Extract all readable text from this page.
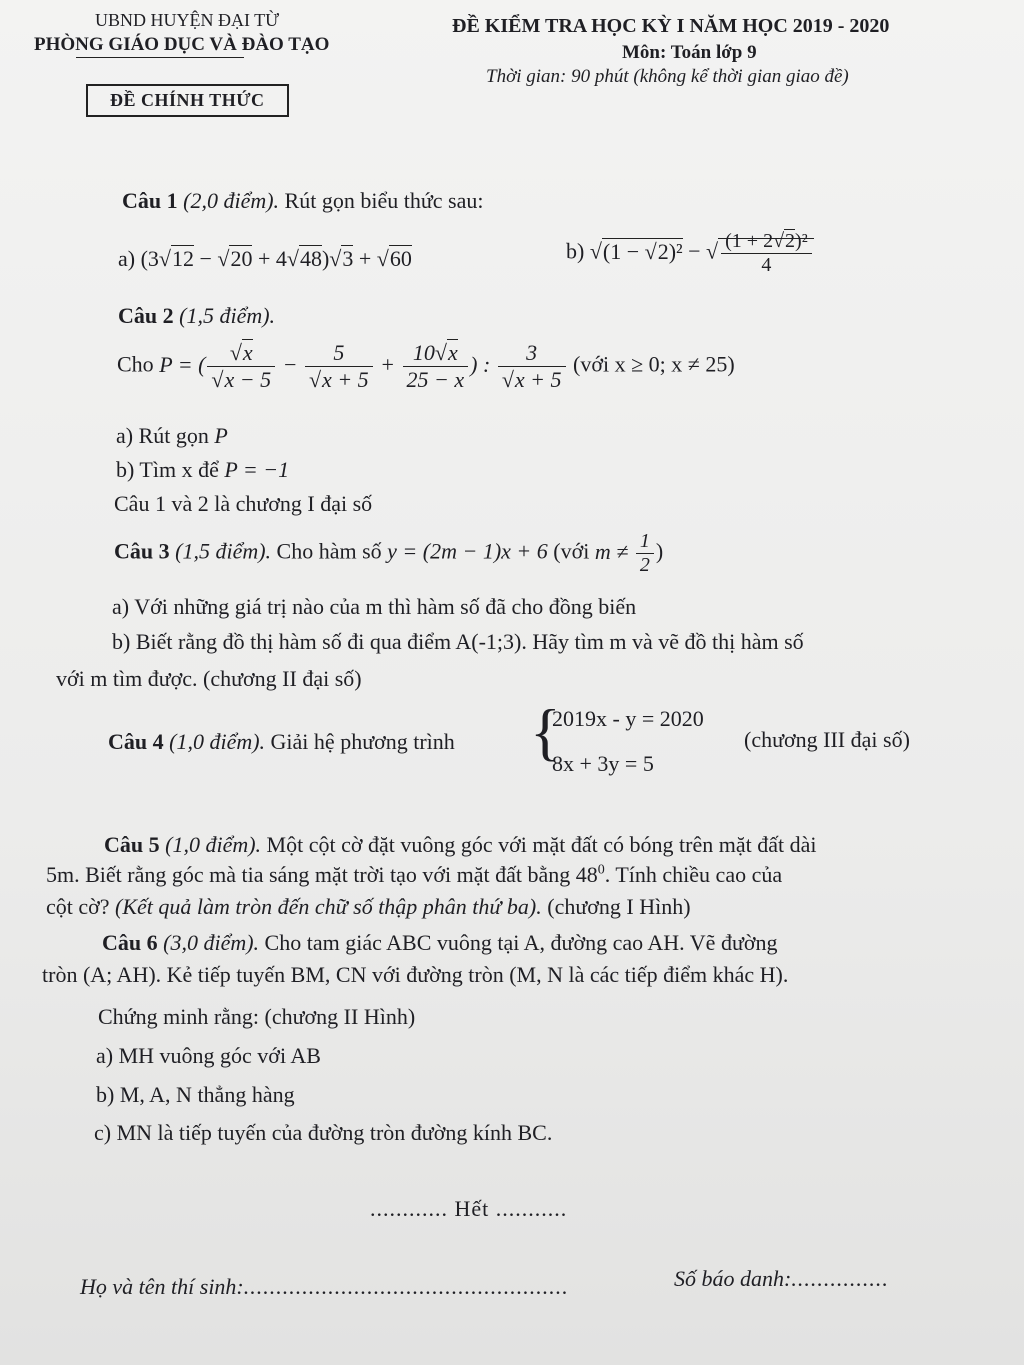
UBND HUYỆN ĐẠI TỪ
PHÒNG GIÁO DỤC VÀ ĐÀO TẠO
ĐỀ CHÍNH THỨC
ĐỀ KIỂM TRA HỌC KỲ I NĂM HỌC 2019 - 2020
Môn: Toán lớp 9
Thời gian: 90 phút (không kể thời gian giao đề)
Câu 1 (2,0 điểm). Rút gọn biểu thức sau:
a) (3√12 − √20 + 4√48)√3 + √60	b) √(1 − √2)² − √ $\frac{\text{(1 + 2√2)²}}{4}$
Câu 2 (1,5 điểm).
Cho P = ( $\frac{√x}{√x - 5} - \frac{5}{√x + 5} + \frac{10√x}{25 - x}$ ) : $\frac{3}{√x + 5}$ (với x ≥ 0; x ≠ 25)
a) Rút gọn P
b) Tìm x để P = −1
Câu 1 và 2 là chương I đại số
Câu 3 (1,5 điểm). Cho hàm số y = (2m − 1)x + 6 (với $m \ne \frac{1}{2}$ )
a) Với những giá trị nào của m thì hàm số đã cho đồng biến
b) Biết rằng đồ thị hàm số đi qua điểm A(-1;3). Hãy tìm m và vẽ đồ thị hàm số
với m tìm được. (chương II đại số)
Câu 4 (1,0 điểm). Giải hệ phương trình {
2019x - y = 2020
8x + 3y = 5
(chương III đại số)
Câu 5 (1,0 điểm). Một cột cờ đặt vuông góc với mặt đất có bóng trên mặt đất dài
5m. Biết rằng góc mà tia sáng mặt trời tạo với mặt đất bằng $48^0$. Tính chiều cao của
cột cờ? (Kết quả làm tròn đến chữ số thập phân thứ ba). (chương I Hình)
Câu 6 (3,0 điểm). Cho tam giác ABC vuông tại A, đường cao AH. Vẽ đường
tròn (A; AH). Kẻ tiếp tuyến BM, CN với đường tròn (M, N là các tiếp điểm khác H).
Chứng minh rằng: (chương II Hình)
a) MH vuông góc với AB
b) M, A, N thẳng hàng
c) MN là tiếp tuyến của đường tròn đường kính BC.
............ Hết ...........
Họ và tên thí sinh:..................................................	Số báo danh:...............
